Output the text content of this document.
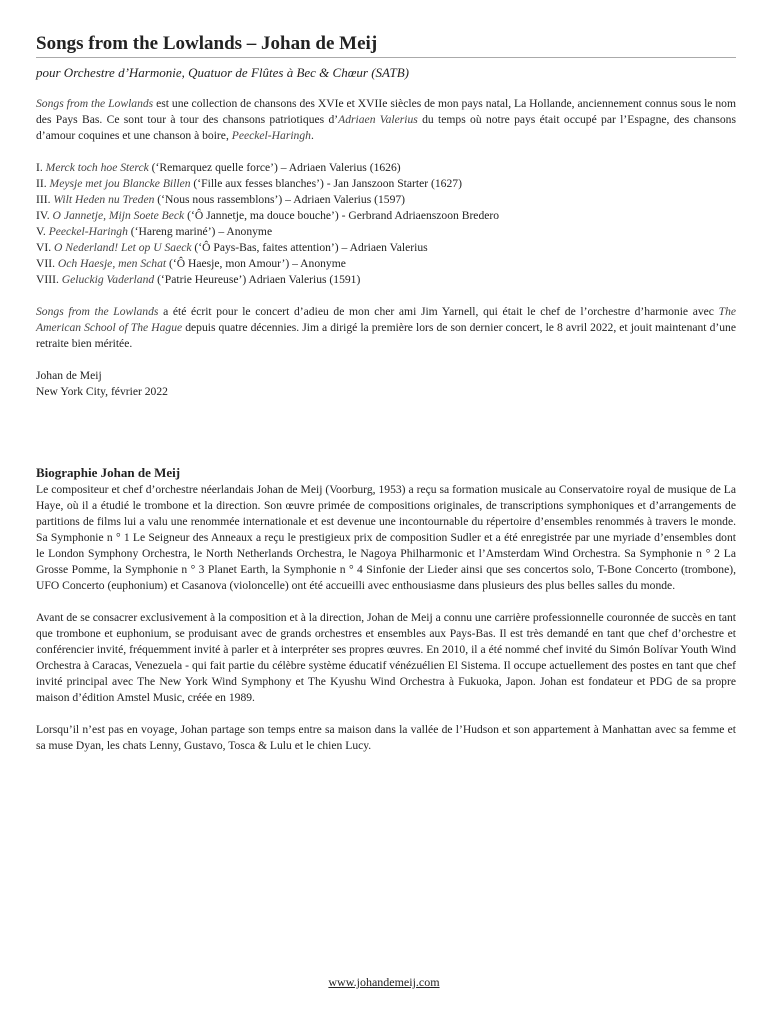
Songs from the Lowlands – Johan de Meij
pour Orchestre d’Harmonie, Quatuor de Flûtes à Bec & Chœur (SATB)

Songs from the Lowlands est une collection de chansons des XVIe et XVIIe siècles de mon pays natal, La Hollande, anciennement connus sous le nom des Pays Bas. Ce sont tour à tour des chansons patriotiques d’Adriaen Valerius du temps où notre pays était occupé par l’Espagne, des chansons d’amour coquines et une chanson à boire, Peeckel-Haringh.

I. Merck toch hoe Sterck (‘Remarquez quelle force’) – Adriaen Valerius (1626)
II. Meysje met jou Blancke Billen (‘Fille aux fesses blanches’) - Jan Janszoon Starter (1627)
III. Wilt Heden nu Treden (‘Nous nous rassemblons’) – Adriaen Valerius (1597)
IV. O Jannetje, Mijn Soete Beck (‘Ô Jannetje, ma douce bouche’) - Gerbrand Adriaenszoon Bredero
V. Peeckel-Haringh (‘Hareng mariné’) – Anonyme
VI. O Nederland! Let op U Saeck (‘Ô Pays-Bas, faites attention’) – Adriaen Valerius
VII. Och Haesje, men Schat (‘Ô Haesje, mon Amour’) – Anonyme
VIII. Geluckig Vaderland (‘Patrie Heureuse’) Adriaen Valerius (1591)

Songs from the Lowlands a été écrit pour le concert d’adieu de mon cher ami Jim Yarnell, qui était le chef de l’orchestre d’harmonie avec The American School of The Hague depuis quatre décennies. Jim a dirigé la première lors de son dernier concert, le 8 avril 2022, et jouit maintenant d’une retraite bien méritée.

Johan de Meij
New York City, février 2022
Biographie Johan de Meij

Le compositeur et chef d’orchestre néerlandais Johan de Meij (Voorburg, 1953) a reçu sa formation musicale au Conservatoire royal de musique de La Haye, où il a étudié le trombone et la direction. Son œuvre primée de compositions originales, de transcriptions symphoniques et d’arrangements de partitions de films lui a valu une renommée internationale et est devenue une incontournable du répertoire d’ensembles renommés à travers le monde. Sa Symphonie n ° 1 Le Seigneur des Anneaux a reçu le prestigieux prix de composition Sudler et a été enregistrée par une myriade d’ensembles dont le London Symphony Orchestra, le North Netherlands Orchestra, le Nagoya Philharmonic et l’Amsterdam Wind Orchestra. Sa Symphonie n ° 2 La Grosse Pomme, la Symphonie n ° 3 Planet Earth, la Symphonie n ° 4 Sinfonie der Lieder ainsi que ses concertos solo, T-Bone Concerto (trombone), UFO Concerto (euphonium) et Casanova (violoncelle) ont été accueilli avec enthousiasme dans plusieurs des plus belles salles du monde.

Avant de se consacrer exclusivement à la composition et à la direction, Johan de Meij a connu une carrière professionnelle couronnée de succès en tant que trombone et euphonium, se produisant avec de grands orchestres et ensembles aux Pays-Bas. Il est très demandé en tant que chef d’orchestre et conférencier invité, fréquemment invité à parler et à interpréter ses propres œuvres. En 2010, il a été nommé chef invité du Simón Bolívar Youth Wind Orchestra à Caracas, Venezuela - qui fait partie du célèbre système éducatif vénézuélien El Sistema. Il occupe actuellement des postes en tant que chef invité principal avec The New York Wind Symphony et The Kyushu Wind Orchestra à Fukuoka, Japon. Johan est fondateur et PDG de sa propre maison d’édition Amstel Music, créée en 1989.

Lorsqu’il n’est pas en voyage, Johan partage son temps entre sa maison dans la vallée de l’Hudson et son appartement à Manhattan avec sa femme et sa muse Dyan, les chats Lenny, Gustavo, Tosca & Lulu et le chien Lucy.

www.johandemeij.com
